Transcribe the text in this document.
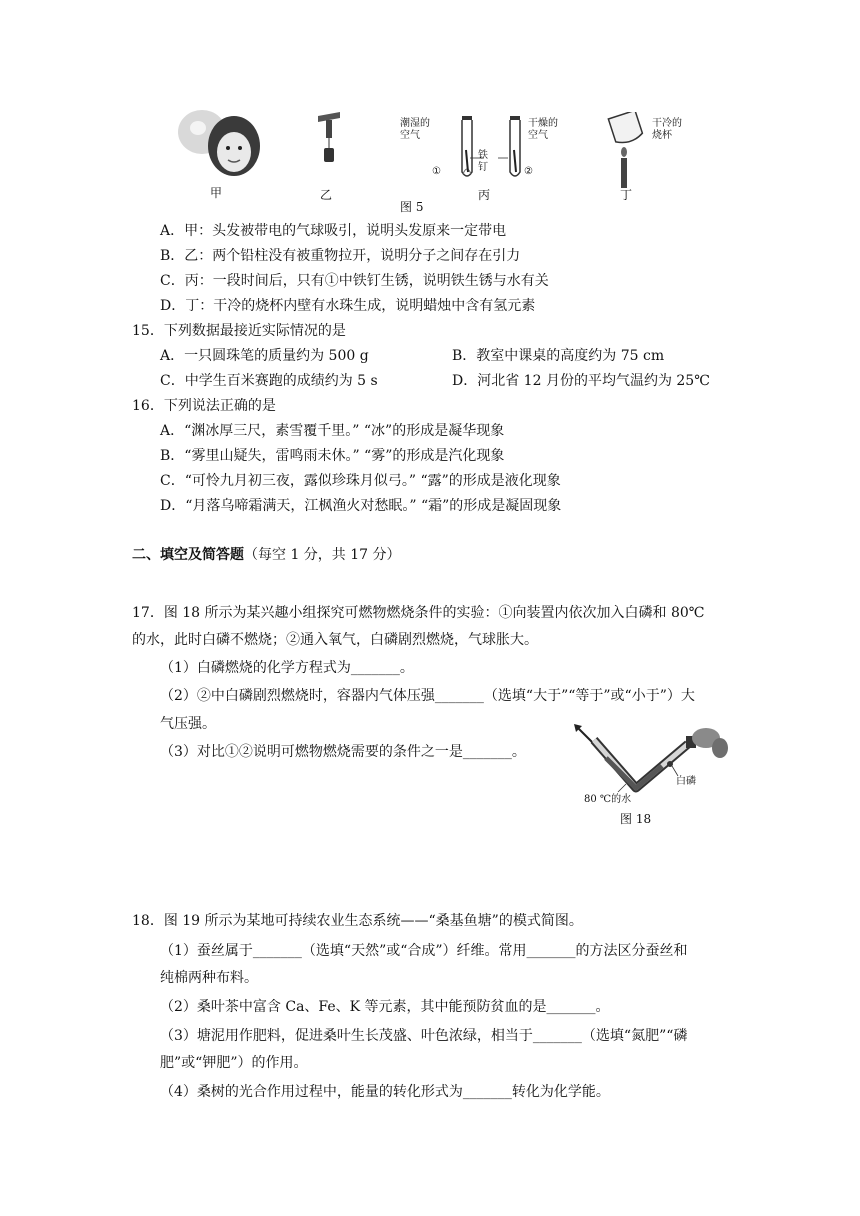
潮湿的
空气
干燥的
空气
铁
钉
①	②
干冷的
烧杯
甲	乙	丙	丁
图 5
A．甲：头发被带电的气球吸引，说明头发原来一定带电
B．乙：两个铅柱没有被重物拉开，说明分子之间存在引力
C．丙：一段时间后，只有①中铁钉生锈，说明铁生锈与水有关
D．丁：干冷的烧杯内壁有水珠生成，说明蜡烛中含有氢元素
15．下列数据最接近实际情况的是
A．一只圆珠笔的质量约为 500 g	B．教室中课桌的高度约为 75 cm
C．中学生百米赛跑的成绩约为 5 s	D．河北省 12 月份的平均气温约为 25℃
16．下列说法正确的是
A．“渊冰厚三尺，素雪覆千里。” “冰”的形成是凝华现象
B．“雾里山疑失，雷鸣雨未休。” “雾”的形成是汽化现象
C．“可怜九月初三夜，露似珍珠月似弓。” “露”的形成是液化现象
D．“月落乌啼霜满天，江枫渔火对愁眠。” “霜”的形成是凝固现象
二、填空及简答题（每空 1 分，共 17 分）
17．图 18 所示为某兴趣小组探究可燃物燃烧条件的实验：①向装置内依次加入白磷和 80℃
的水，此时白磷不燃烧；②通入氧气，白磷剧烈燃烧，气球胀大。
（1）白磷燃烧的化学方程式为_______。
（2）②中白磷剧烈燃烧时，容器内气体压强_______（选填“大于”“等于”或“小于”）大
气压强。
（3）对比①②说明可燃物燃烧需要的条件之一是_______。
白磷
80 ℃的水
图 18
18．图 19 所示为某地可持续农业生态系统——“桑基鱼塘”的模式简图。
（1）蚕丝属于_______（选填“天然”或“合成”）纤维。常用_______的方法区分蚕丝和
纯棉两种布料。
（2）桑叶茶中富含 Ca、Fe、K 等元素，其中能预防贫血的是_______。
（3）塘泥用作肥料，促进桑叶生长茂盛、叶色浓绿，相当于_______（选填“氮肥”“磷
肥”或“钾肥”）的作用。
（4）桑树的光合作用过程中，能量的转化形式为_______转化为化学能。
